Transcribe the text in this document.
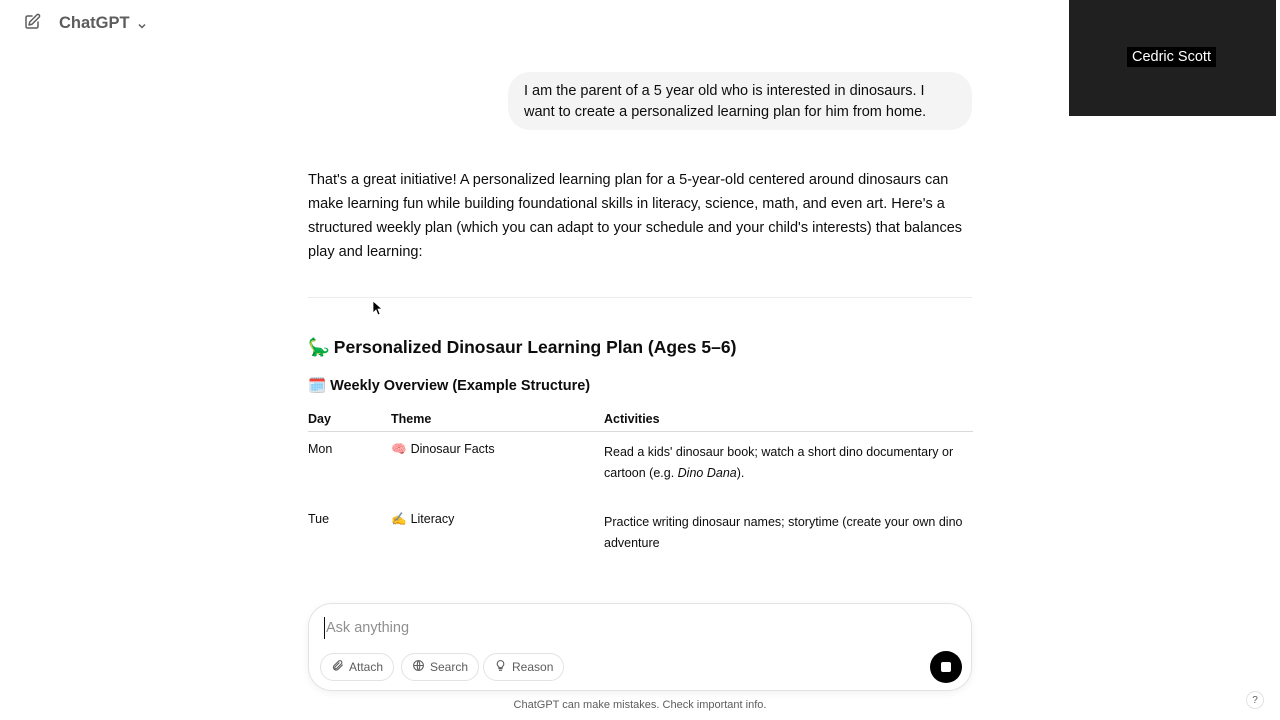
ChatGPT
Cedric Scott
I am the parent of a 5 year old who is interested in dinosaurs. I want to create a personalized learning plan for him from home.

That's a great initiative! A personalized learning plan for a 5-year-old centered around dinosaurs can make learning fun while building foundational skills in literacy, science, math, and even art. Here's a structured weekly plan (which you can adapt to your schedule and your child's interests) that balances play and learning:

🦕 Personalized Dinosaur Learning Plan (Ages 5–6)
🗓️ Weekly Overview (Example Structure)
Day	Theme	Activities
Mon	🧠 Dinosaur Facts	Read a kids' dinosaur book; watch a short dino documentary or cartoon (e.g. Dino Dana).
Tue	✍️ Literacy	Practice writing dinosaur names; storytime (create your own dino adventure
Ask anything
Attach	Search	Reason
ChatGPT can make mistakes. Check important info.	?
